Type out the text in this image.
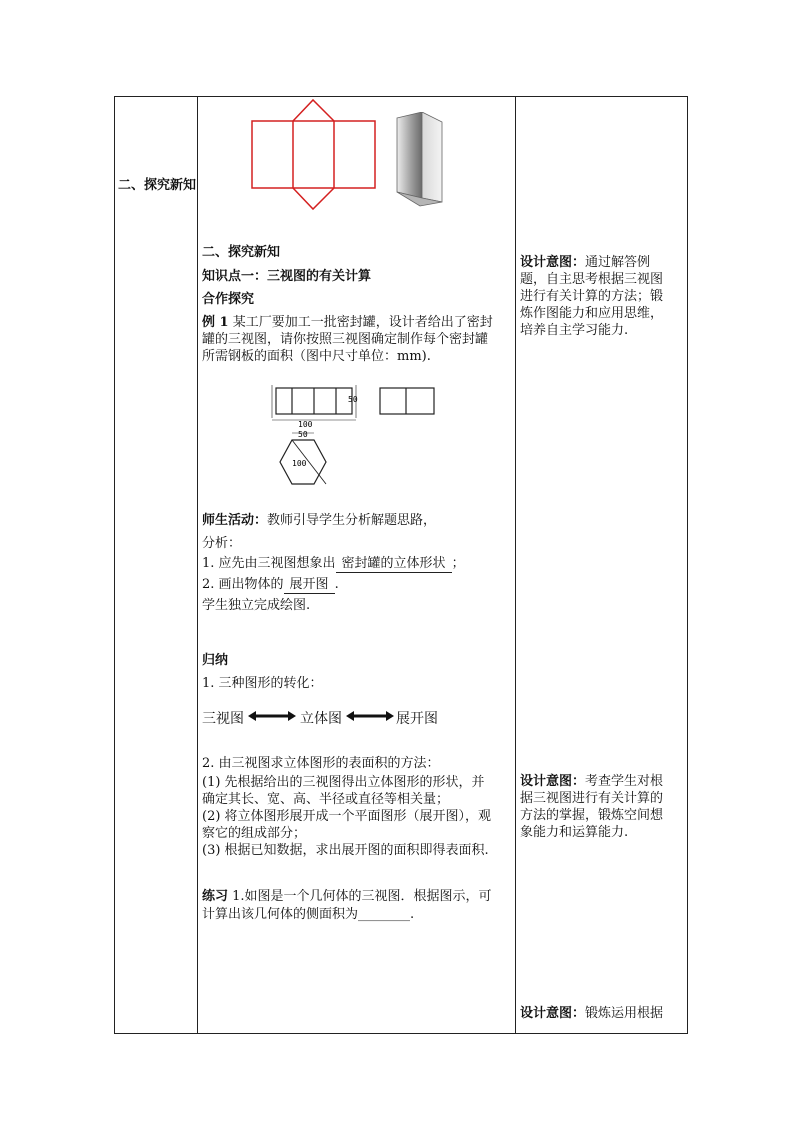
二、探究新知
二、探究新知
知识点一：三视图的有关计算
合作探究
例 1 某工厂要加工一批密封罐，设计者给出了密封
罐的三视图，请你按照三视图确定制作每个密封罐
所需钢板的面积（图中尺寸单位：mm).
50
100
50
100
师生活动：教师引导学生分析解题思路，
分析：
1. 应先由三视图想象出 密封罐的立体形状 ；
2. 画出物体的 展开图 .
学生独立完成绘图.
归纳
1. 三种图形的转化：
三视图	立体图	展开图
2. 由三视图求立体图形的表面积的方法：
(1) 先根据给出的三视图得出立体图形的形状，并
确定其长、宽、高、半径或直径等相关量；
(2) 将立体图形展开成一个平面图形（展开图），观
察它的组成部分；
(3) 根据已知数据，求出展开图的面积即得表面积.
练习 1.如图是一个几何体的三视图．根据图示，可
计算出该几何体的侧面积为________.
设计意图：通过解答例
题，自主思考根据三视图
进行有关计算的方法；锻
炼作图能力和应用思维，
培养自主学习能力.
设计意图：考查学生对根
据三视图进行有关计算的
方法的掌握，锻炼空间想
象能力和运算能力.
设计意图：锻炼运用根据
